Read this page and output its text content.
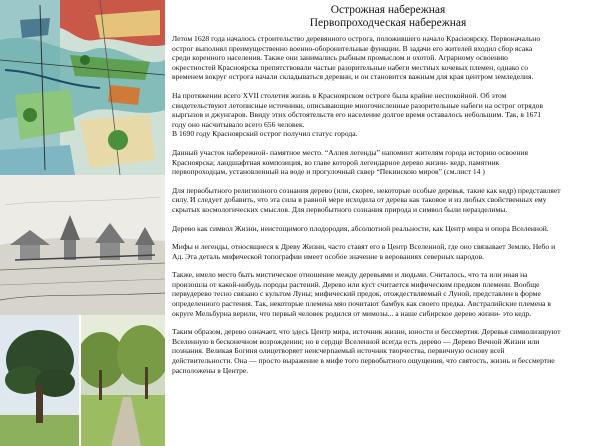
Острожная набережная

Первопроходческая набережная

Летом 1628 года началось строительство деревянного острога, положившего начало Красноярску. Первоначально

острог выполнял преимущественно военно-оборонительные функции. В задачи его жителей входил сбор ясака

среди коренного населения. Также они занимались рыбным промыслом и охотой. Аграрному освоению

окрестностей Красноярска препятствовали частые разорительные набеги местных кочевых племен, однако со

временем вокруг острога начали складываться деревни, и он становится важным для края центром земледелия.

На протяжении всего XVII столетия жизнь в Красноярском остроге была крайне неспокойной. Об этом

свидетельствуют летописные источники, описывающие многочисленные разорительные набеги на острог отрядов

кыргызов и джунгаров. Ввиду этих обстоятельств его население долгое время оставалось небольшим. Так, в 1671

году оно насчитывало всего 656 человек.

В 1690 году Красноярский острог получил статус города.

Данный участок набережной- памятное место. “Аллея легенды” напоминт жителям города историю освоения

Красноярска; ландшафтная композиция, во главе которой легендарное дерево жизни- кедр, памятник

первопроходцам, установленный на воде и прогулочный сквер “Пекинскою миров” (см.лист 14 )

Для первобытного религиозного сознания дерево (или, скорее, некоторые особые деревья, такие как кедр) представляет

силу. И следует добавить, что эта сила в равной мере исходила от дерева как таковое и из любых свойственных ему

скрытых космологических смыслов. Для первобытного сознания природа и символ были неразделимы.

Дерево как символ Жизни, неистощимого плодородия, абсолютной реальности, как Центр мира и опора Вселенной.

Мифы и легенды, относящиеся к Древу Жизни, часто ставят его в Центр Вселенной, где оно связывает Землю, Небо и

Ад. Эта деталь мифической топографии имеет особое значение в верованиях северных народов.

Также, имело место быть мистическое отношение между деревьями и людьми. Считалось, что та или иная на

произошла от какой-нибудь породы растений. Дерево или куст считается мифическим предком племени. Вообще

первудерево тесно связано с культом Луны; мифический предок, отождествляемый с Луной, представлен в форме

определенного растения. Так, некоторые племена мяо почитают бамбук как своего предка. Австралийские племена в

округе Мельбурна верили, что первый человек родился от мимозы... а наше сибирское дерево жизни- это кедр.

Таким образом, дерево означает, что здесь Центр мира, источник жизни, юности и бессмертия. Деревья символизируют

Вселенную в бесконечном возрождении; но в сердце Вселенной всегда есть дерево — Дерево Вечной Жизни или

познания. Великая Богиня олицетворяет неисчерпаемый источник творчества, первичную основу всей

действительности. Она — просто выражение в мифе того первобытного ощущения, что святость, жизнь и бессмертие

расположены в Центре.
